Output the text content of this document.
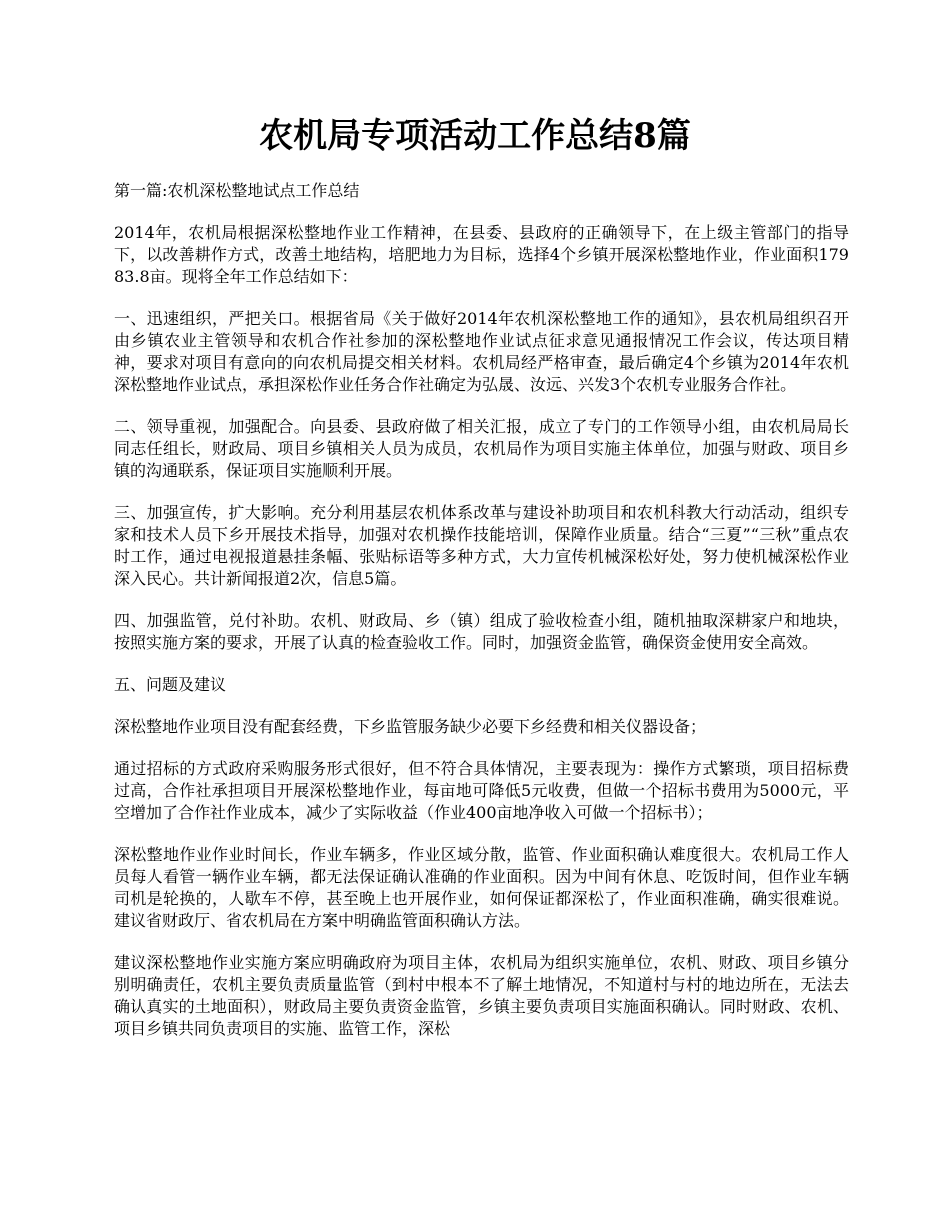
农机局专项活动工作总结8篇

第一篇:农机深松整地试点工作总结

2014年，农机局根据深松整地作业工作精神，在县委、县政府的正确领导下，在上级主管部门的指导下，以改善耕作方式，改善土地结构，培肥地力为目标，选择4个乡镇开展深松整地作业，作业面积17983.8亩。现将全年工作总结如下：

一、迅速组织，严把关口。根据省局《关于做好2014年农机深松整地工作的通知》，县农机局组织召开由乡镇农业主管领导和农机合作社参加的深松整地作业试点征求意见通报情况工作会议，传达项目精神，要求对项目有意向的向农机局提交相关材料。农机局经严格审查，最后确定4个乡镇为2014年农机深松整地作业试点，承担深松作业任务合作社确定为弘晟、汝远、兴发3个农机专业服务合作社。

二、领导重视，加强配合。向县委、县政府做了相关汇报，成立了专门的工作领导小组，由农机局局长同志任组长，财政局、项目乡镇相关人员为成员，农机局作为项目实施主体单位，加强与财政、项目乡镇的沟通联系，保证项目实施顺利开展。

三、加强宣传，扩大影响。充分利用基层农机体系改革与建设补助项目和农机科教大行动活动，组织专家和技术人员下乡开展技术指导，加强对农机操作技能培训，保障作业质量。结合“三夏”“三秋”重点农时工作，通过电视报道悬挂条幅、张贴标语等多种方式，大力宣传机械深松好处，努力使机械深松作业深入民心。共计新闻报道2次，信息5篇。

四、加强监管，兑付补助。农机、财政局、乡（镇）组成了验收检查小组，随机抽取深耕家户和地块，按照实施方案的要求，开展了认真的检查验收工作。同时，加强资金监管，确保资金使用安全高效。

五、问题及建议

深松整地作业项目没有配套经费，下乡监管服务缺少必要下乡经费和相关仪器设备；

通过招标的方式政府采购服务形式很好，但不符合具体情况，主要表现为：操作方式繁琐，项目招标费过高，合作社承担项目开展深松整地作业，每亩地可降低5元收费，但做一个招标书费用为5000元，平空增加了合作社作业成本，减少了实际收益（作业400亩地净收入可做一个招标书）；

深松整地作业作业时间长，作业车辆多，作业区域分散，监管、作业面积确认难度很大。农机局工作人员每人看管一辆作业车辆，都无法保证确认准确的作业面积。因为中间有休息、吃饭时间，但作业车辆司机是轮换的，人歇车不停，甚至晚上也开展作业，如何保证都深松了，作业面积准确，确实很难说。建议省财政厅、省农机局在方案中明确监管面积确认方法。

建议深松整地作业实施方案应明确政府为项目主体，农机局为组织实施单位，农机、财政、项目乡镇分别明确责任，农机主要负责质量监管（到村中根本不了解土地情况，不知道村与村的地边所在，无法去确认真实的土地面积），财政局主要负责资金监管，乡镇主要负责项目实施面积确认。同时财政、农机、项目乡镇共同负责项目的实施、监管工作，深松
